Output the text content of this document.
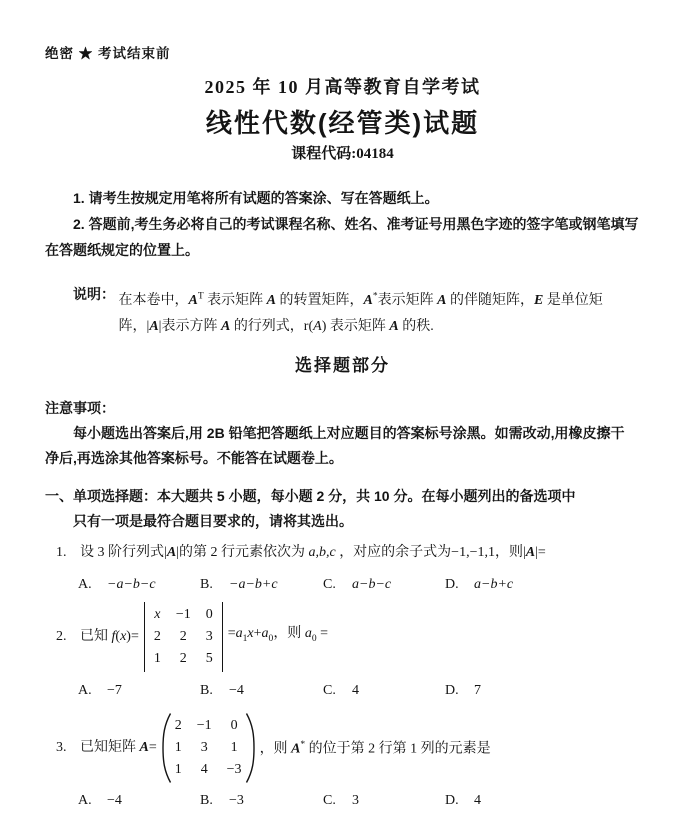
绝密 ★ 考试结束前
2025 年 10 月高等教育自学考试
线性代数(经管类)试题
课程代码:04184

1. 请考生按规定用笔将所有试题的答案涂、写在答题纸上。

2. 答题前,考生务必将自己的考试课程名称、姓名、准考证号用黑色字迹的签字笔或钢笔填写

在答题纸规定的位置上。

说明： 在本卷中，$A^T$ 表示矩阵 A 的转置矩阵，A*表示矩阵 A 的伴随矩阵，E 是单位矩 阵，|A|表示方阵 A 的行列式，r(A) 表示矩阵 A 的秩.
选择题部分
注意事项：

每小题选出答案后,用 2B 铅笔把答题纸上对应题目的答案标号涂黑。如需改动,用橡皮擦干

净后,再选涂其他答案标号。不能答在试题卷上。

一、 单项选择题：本大题共 5 小题，每小题 2 分，共 10 分。在每小题列出的备选项中
只有一项是最符合题目要求的，请将其选出。
1. 设 3 阶行列式|A|的第 2 行元素依次为 a,b,c ，对应的余子式为−1,−1,1，则|A|=
A. −a−b−c	B. −a−b+c	C. a−b−c	D. a−b+c
2. 已知 f(x)=
x −1 0
2 2 3
1 2 5
$=a_1x+a_0$，则 $a_0$ =
A. −7	B. −4	C. 4	D. 7
3. 已知矩阵 A=
2 −1 0
1 3 1
1 4 −3
，则 A* 的位于第 2 行第 1 列的元素是
A. −4	B. −3	C. 3	D. 4
